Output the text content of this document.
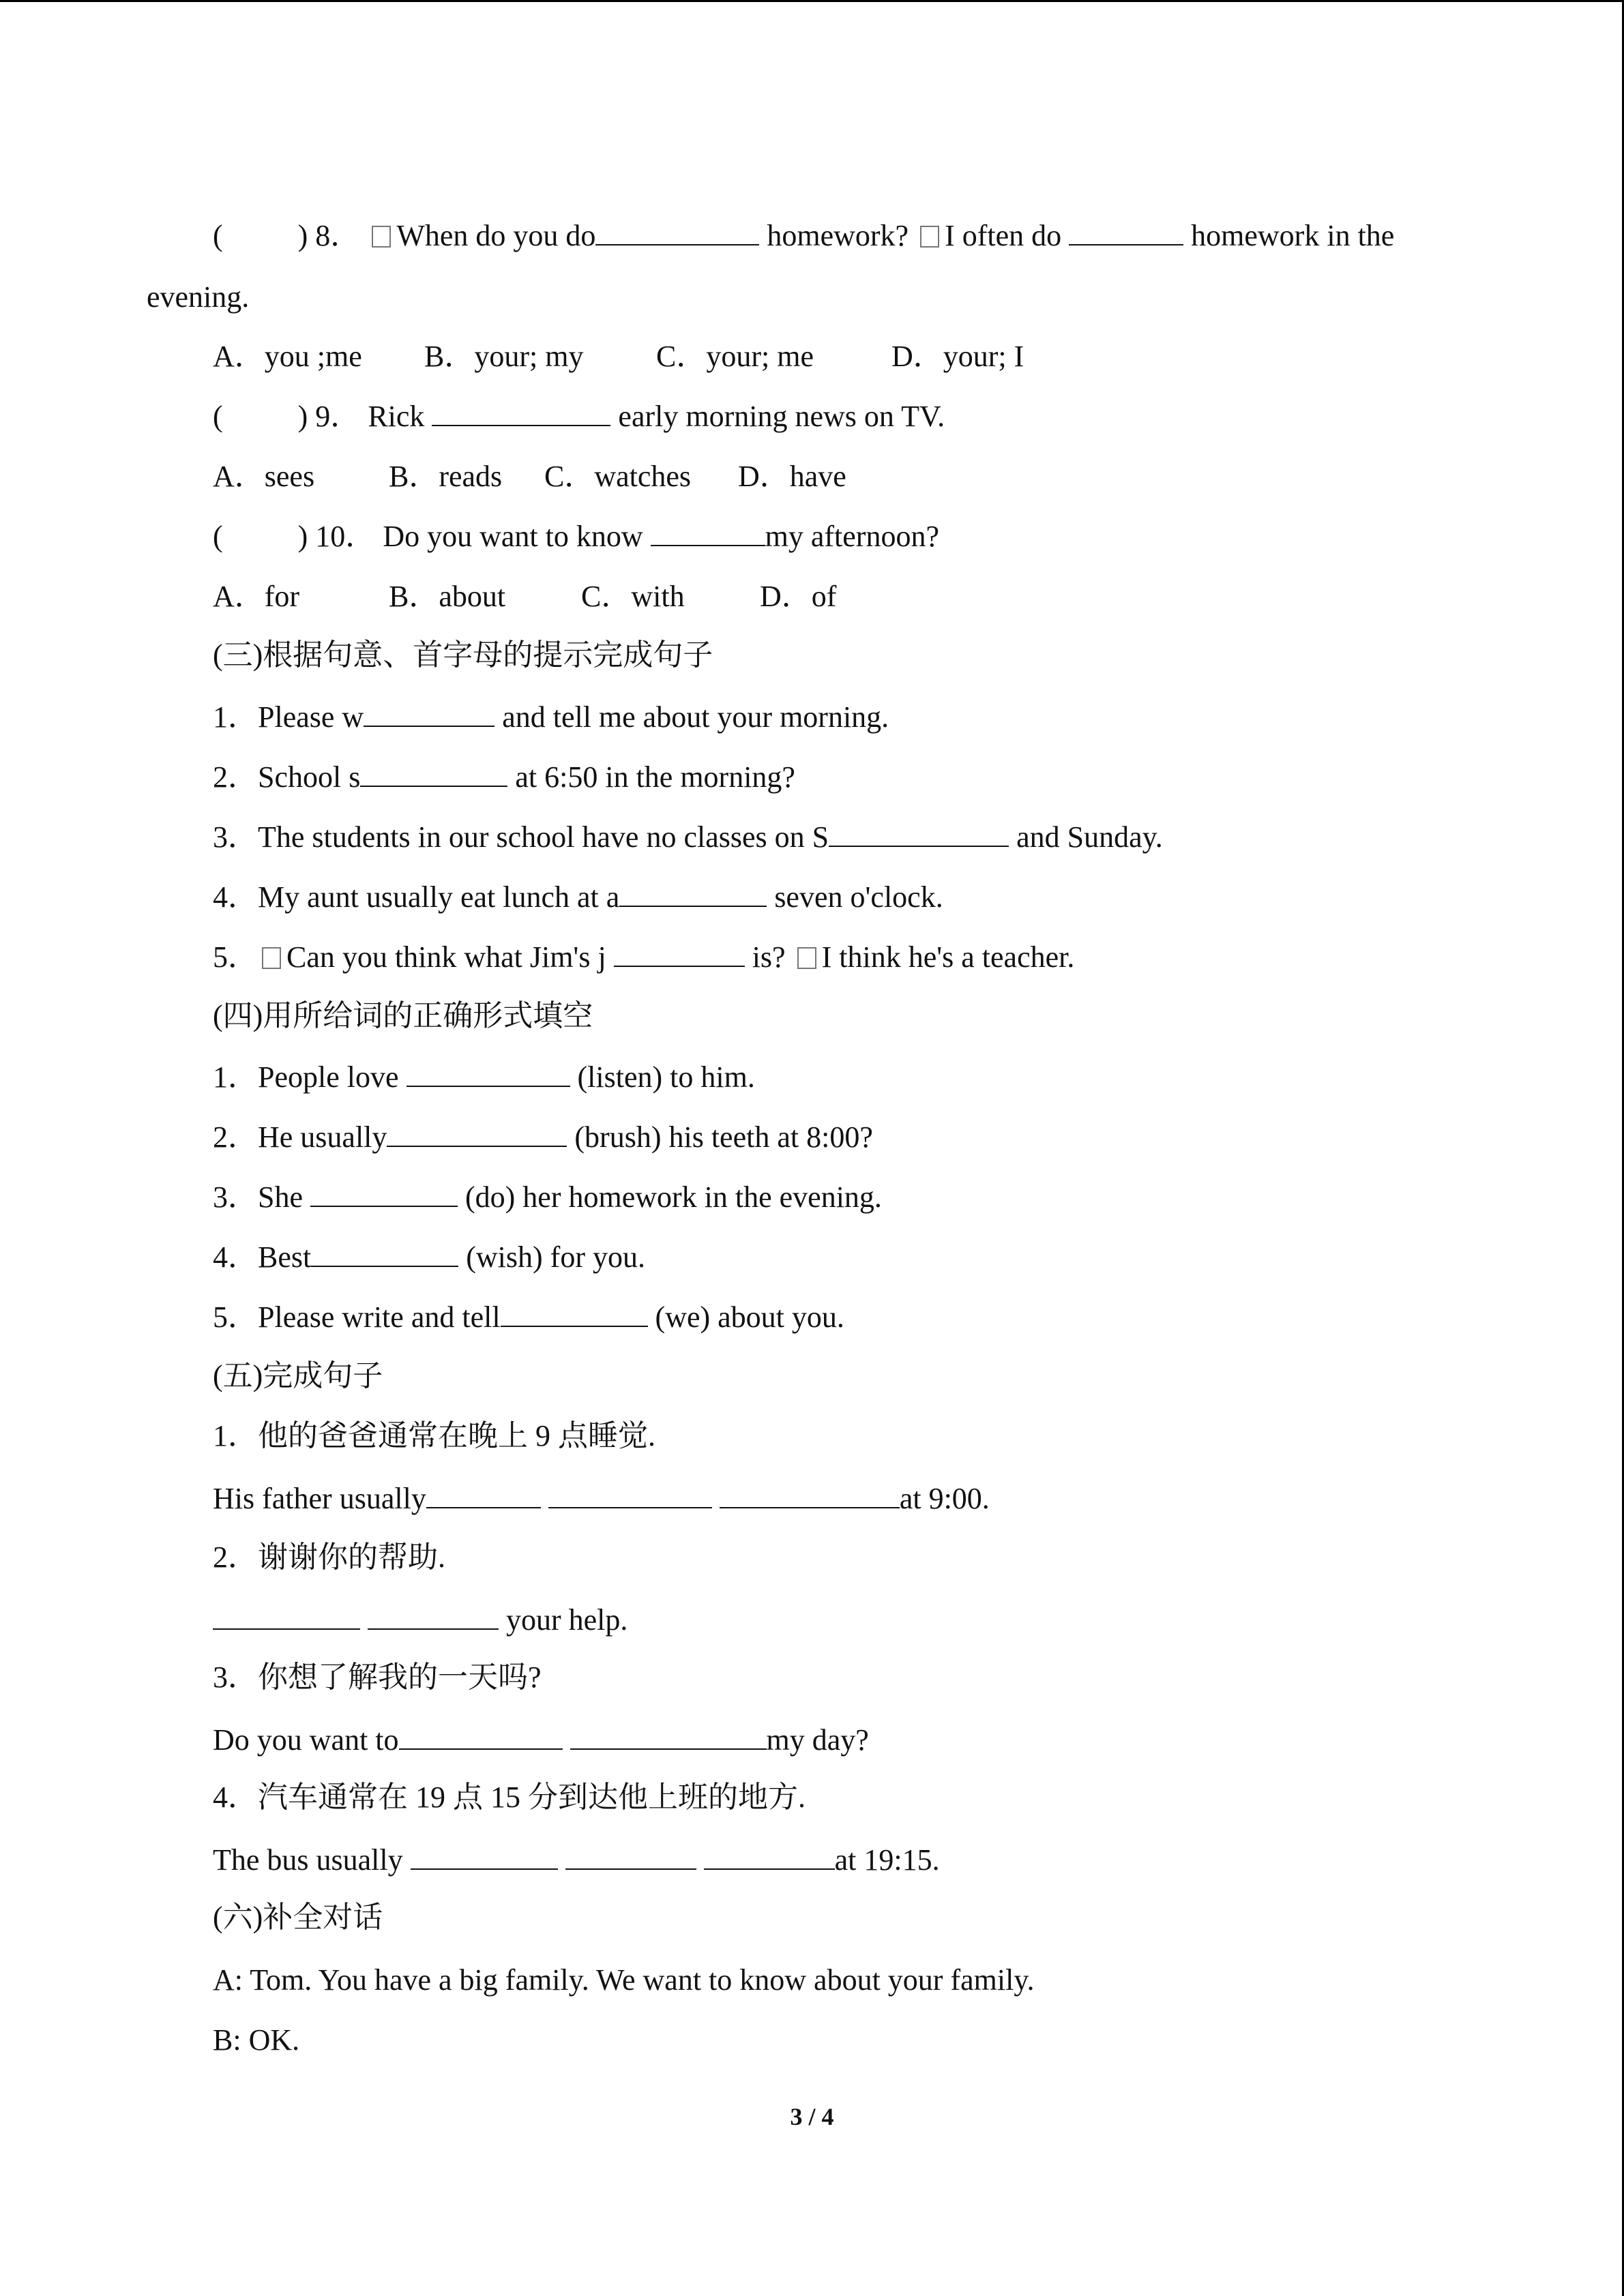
(	) 8． When do you do	homework? I often do	homework in the
evening.
A．you ;me B．your; my C．your; me	D．your; I
(	) 9． Rick	early morning news on TV.
A．sees B．reads C．watches D．have
(	) 10． Do you want to know	my afternoon?
A．for	B．about	C．with	D．of
(三)根据句意、首字母的提示完成句子
1．Please w	and tell me about your morning.
2．School s	at 6:50 in the morning?
3．The students in our school have no classes on S	and Sunday.
4．My aunt usually eat lunch at a	seven o'clock.
5． Can you think what Jim's j	is? I think he's a teacher.
(四)用所给词的正确形式填空
1．People love	(listen) to him.
2．He usually	(brush) his teeth at 8:00?
3．She	(do) her homework in the evening.
4．Best	(wish) for you.
5．Please write and tell	(we) about you.
(五)完成句子
1．他的爸爸通常在晚上 9 点睡觉.
His father usually	at 9:00.
2．谢谢你的帮助.
your help.
3．你想了解我的一天吗?
Do you want to	my day?
4．汽车通常在 19 点 15 分到达他上班的地方.
The bus usually	at 19:15.
(六)补全对话
A: Tom. You have a big family. We want to know about your family.
B: OK.
3 / 4
